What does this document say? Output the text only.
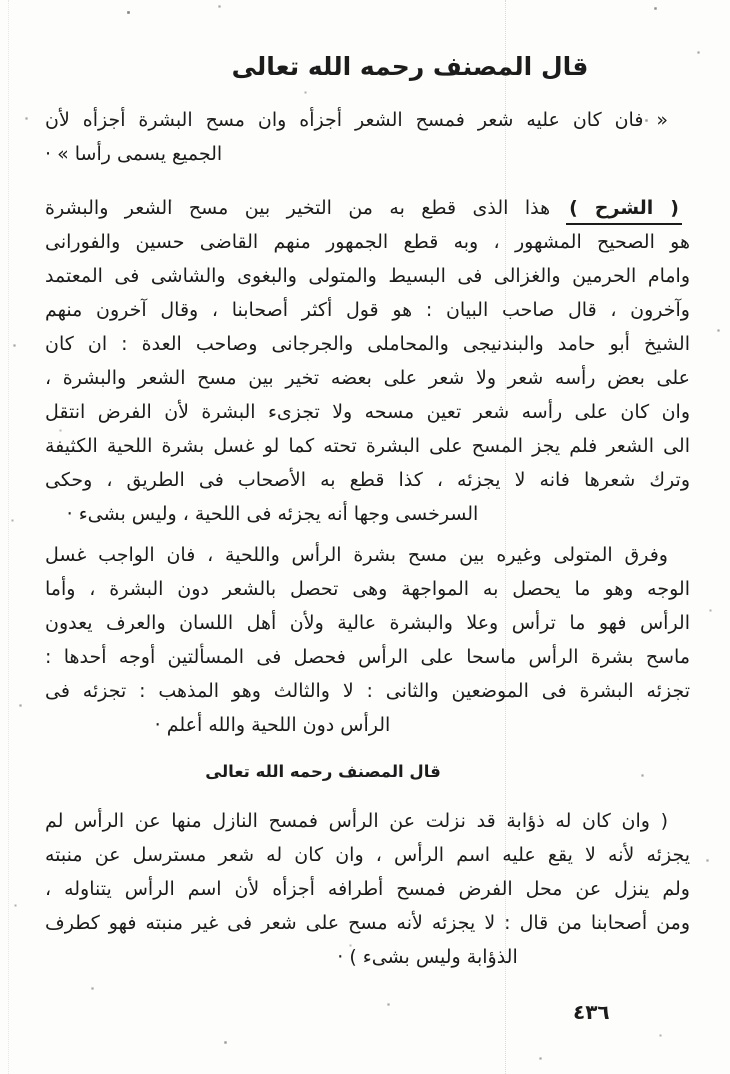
قال المصنف رحمه الله تعالى
« فان كان عليه شعر فمسح الشعر أجزأه وان مسح البشرة أجزأه لأن
الجميع يسمى رأسا » ·
( الشرح )هذا الذى قطع به من التخير بين مسح الشعر والبشرة
هو الصحيح المشهور ، وبه قطع الجمهور منهم القاضى حسين والفورانى
وامام الحرمين والغزالى فى البسيط والمتولى والبغوى والشاشى فى المعتمد
وآخرون ، قال صاحب البيان : هو قول أكثر أصحابنا ، وقال آخرون منهم
الشيخ أبو حامد والبندنيجى والمحاملى والجرجانى وصاحب العدة : ان كان
على بعض رأسه شعر ولا شعر على بعضه تخير بين مسح الشعر والبشرة ،
وان كان على رأسه شعر تعين مسحه ولا تجزىء البشرة لأن الفرض انتقل
الى الشعر فلم يجز المسح على البشرة تحته كما لو غسل بشرة اللحية الكثيفة
وترك شعرها فانه لا يجزئه ، كذا قطع به الأصحاب فى الطريق ، وحكى
السرخسى وجها أنه يجزئه فى اللحية ، وليس بشىء ·
وفرق المتولى وغيره بين مسح بشرة الرأس واللحية ، فان الواجب غسل
الوجه وهو ما يحصل به المواجهة وهى تحصل بالشعر دون البشرة ، وأما
الرأس فهو ما ترأس وعلا والبشرة عالية ولأن أهل اللسان والعرف يعدون
ماسح بشرة الرأس ماسحا على الرأس فحصل فى المسألتين أوجه أحدها :
تجزئه البشرة فى الموضعين والثانى : لا والثالث وهو المذهب : تجزئه فى
الرأس دون اللحية والله أعلم ·
قال المصنف رحمه الله تعالى
( وان كان له ذؤابة قد نزلت عن الرأس فمسح النازل منها عن الرأس لم
يجزئه لأنه لا يقع عليه اسم الرأس ، وان كان له شعر مسترسل عن منبته
ولم ينزل عن محل الفرض فمسح أطرافه أجزأه لأن اسم الرأس يتناوله ،
ومن أصحابنا من قال : لا يجزئه لأنه مسح على شعر فى غير منبته فهو كطرف
الذؤابة وليس بشىء ) ·
٤٣٦
